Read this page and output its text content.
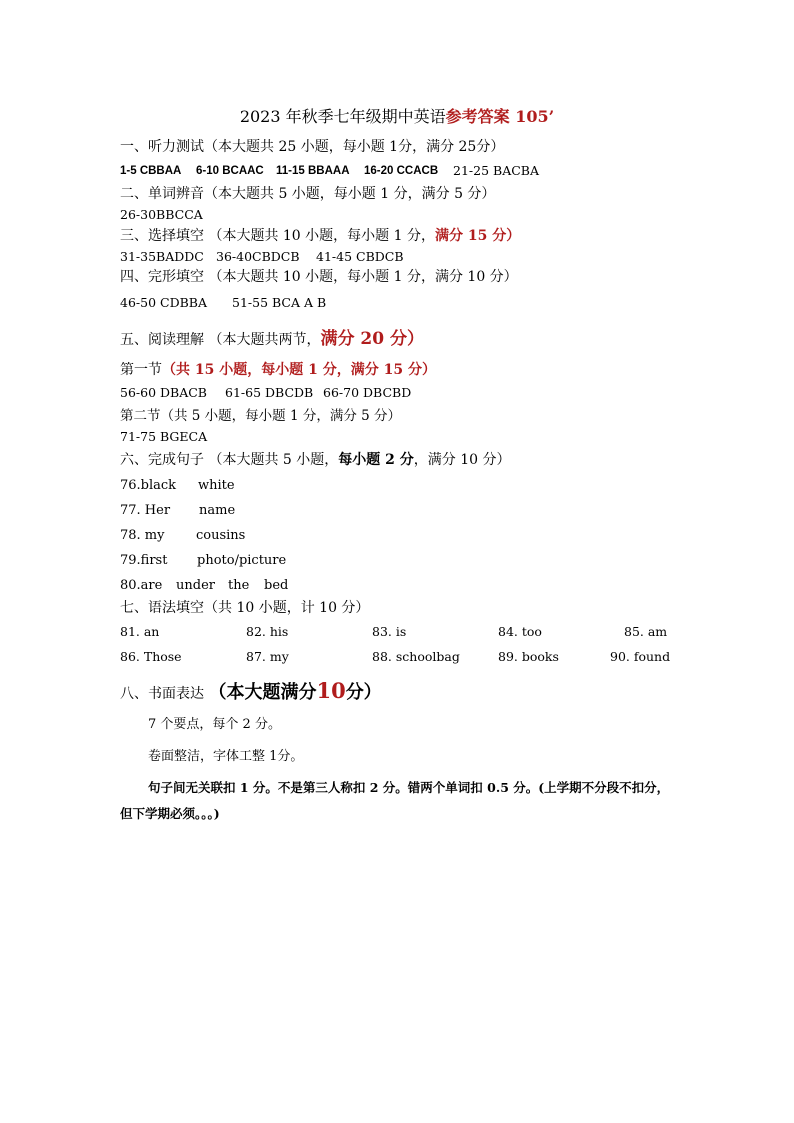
2023 年秋季七年级期中英语参考答案 105’
一、听力测试（本大题共 25 小题，每小题 1分，满分 25分）
1-5 CBBAA 6-10 BCAAC 11-15 BBAAA 16-20 CCACB 21-25 BACBA
二、单词辨音（本大题共 5 小题，每小题 1 分，满分 5 分）
26-30BBCCA
三、选择填空 （本大题共 10 小题，每小题 1 分，满分 15 分）
31-35BADDC 36-40CBDCB 41-45 CBDCB
四、完形填空 （本大题共 10 小题，每小题 1 分，满分 10 分）
46-50 CDBBA 51-55 BCA A B
五、阅读理解 （本大题共两节，满分 20 分）
第一节（共 15 小题，每小题 1 分，满分 15 分）
56-60 DBACB 61-65 DBCDB 66-70 DBCBD
第二节（共 5 小题，每小题 1 分，满分 5 分）
71-75 BGECA
六、完成句子 （本大题共 5 小题，每小题 2 分，满分 10 分）
76.black white
77. Her name
78. my cousins
79.first photo/picture
80.are under the bed
七、语法填空（共 10 小题，计 10 分）
81. an	82. his	83. is	84. too	85. am
86. Those	87. my	88. schoolbag	89. books	90. found
八、书面表达 （本大题满分10分）
7 个要点，每个 2 分。
卷面整洁，字体工整 1分。
句子间无关联扣 1 分。不是第三人称扣 2 分。错两个单词扣 0.5 分。(上学期不分段不扣分，但下学期必须。。。)
